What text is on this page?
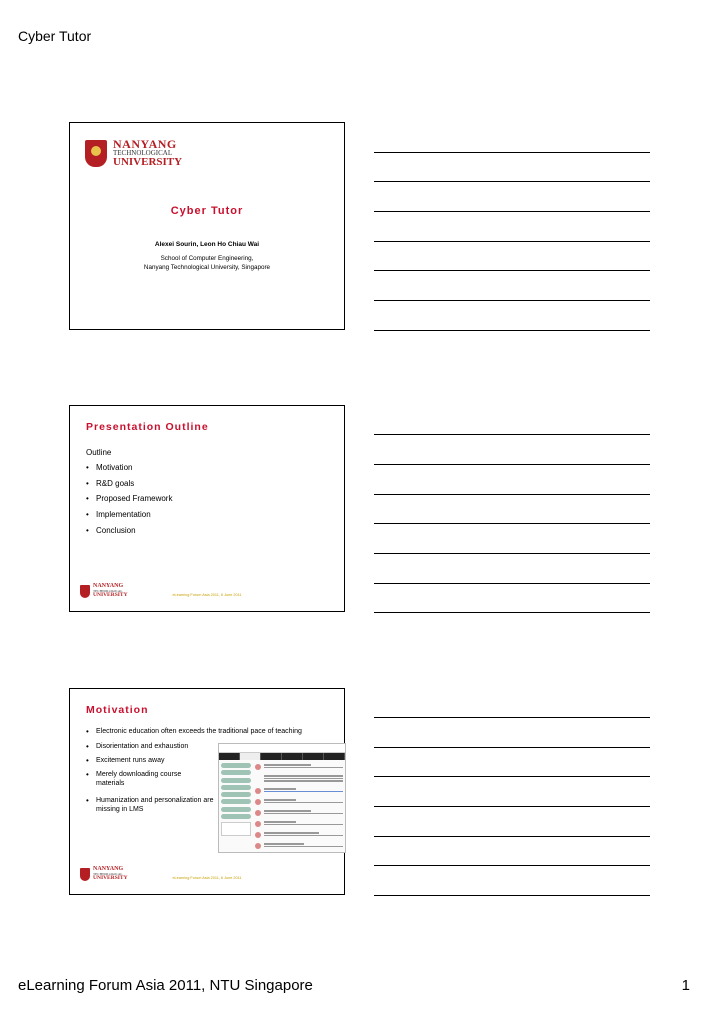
Cyber Tutor
NANYANG
TECHNOLOGICAL
UNIVERSITY
Cyber Tutor
Alexei Sourin, Leon Ho Chiau Wai
School of Computer Engineering,
Nanyang Technological University, Singapore
Presentation Outline
Outline
• Motivation
• R&D goals
• Proposed Framework
• Implementation
• Conclusion
NANYANG
TECHNOLOGICAL
UNIVERSITY	eLearning Forum Asia 2011, 6 June 2011
Motivation
• Electronic education often exceeds the traditional pace of teaching
• Disorientation and exhaustion
• Excitement runs away
• Merely downloading course materials
• Humanization and personalization are missing in LMS
NANYANG
TECHNOLOGICAL
UNIVERSITY	eLearning Forum Asia 2011, 6 June 2011
eLearning Forum Asia 2011, NTU Singapore	1
